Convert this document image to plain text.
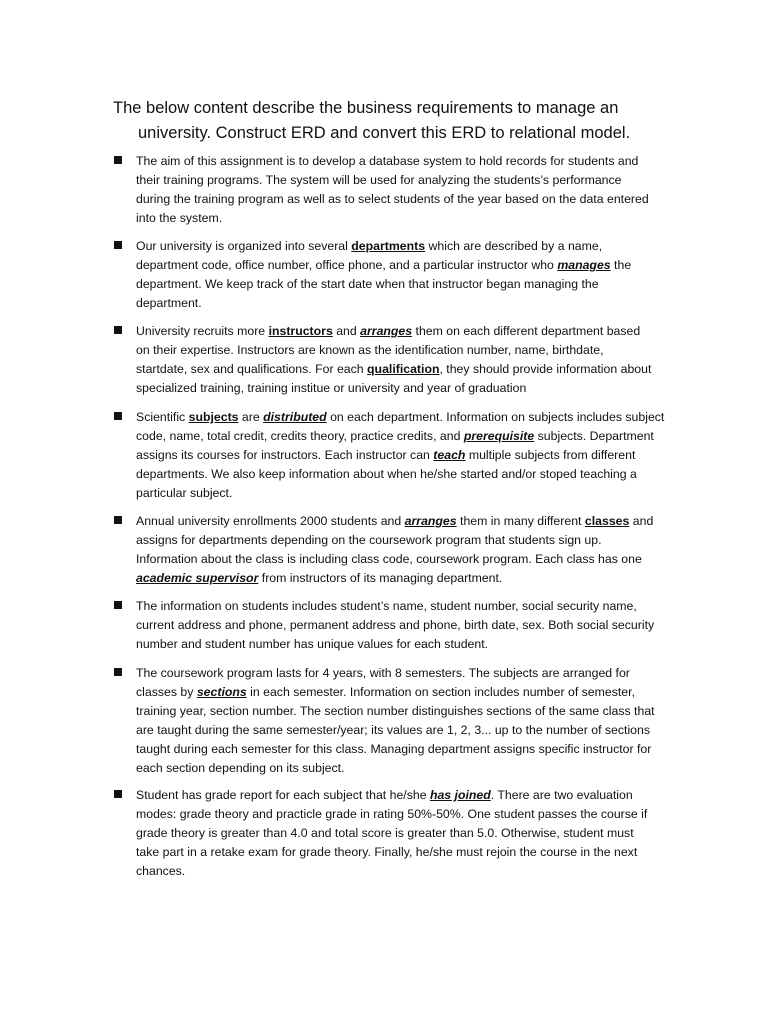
The below content describe the business requirements to manage an
university. Construct ERD and convert this ERD to relational model.
The aim of this assignment is to develop a database system to hold records for students and
their training programs. The system will be used for analyzing the students’s performance
during the training program as well as to select students of the year based on the data entered
into the system.
Our university is organized into several departments which are described by a name,
department code, office number, office phone, and a particular instructor who manages the
department. We keep track of the start date when that instructor began managing the
department.
University recruits more instructors and arranges them on each different department based
on their expertise. Instructors are known as the identification number, name, birthdate,
startdate, sex and qualifications. For each qualification, they should provide information about
specialized training, training institue or university and year of graduation
Scientific subjects are distributed on each department. Information on subjects includes subject
code, name, total credit, credits theory, practice credits, and prerequisite subjects. Department
assigns its courses for instructors. Each instructor can teach multiple subjects from different
departments. We also keep information about when he/she started and/or stoped teaching a
particular subject.
Annual university enrollments 2000 students and arranges them in many different classes and
assigns for departments depending on the coursework program that students sign up.
Information about the class is including class code, coursework program. Each class has one
academic supervisor from instructors of its managing department.
The information on students includes student’s name, student number, social security name,
current address and phone, permanent address and phone, birth date, sex. Both social security
number and student number has unique values for each student.
The coursework program lasts for 4 years, with 8 semesters. The subjects are arranged for
classes by sections in each semester. Information on section includes number of semester,
training year, section number. The section number distinguishes sections of the same class that
are taught during the same semester/year; its values are 1, 2, 3... up to the number of sections
taught during each semester for this class. Managing department assigns specific instructor for
each section depending on its subject.
Student has grade report for each subject that he/she has joined. There are two evaluation
modes: grade theory and practicle grade in rating 50%-50%. One student passes the course if
grade theory is greater than 4.0 and total score is greater than 5.0. Otherwise, student must
take part in a retake exam for grade theory. Finally, he/she must rejoin the course in the next
chances.
